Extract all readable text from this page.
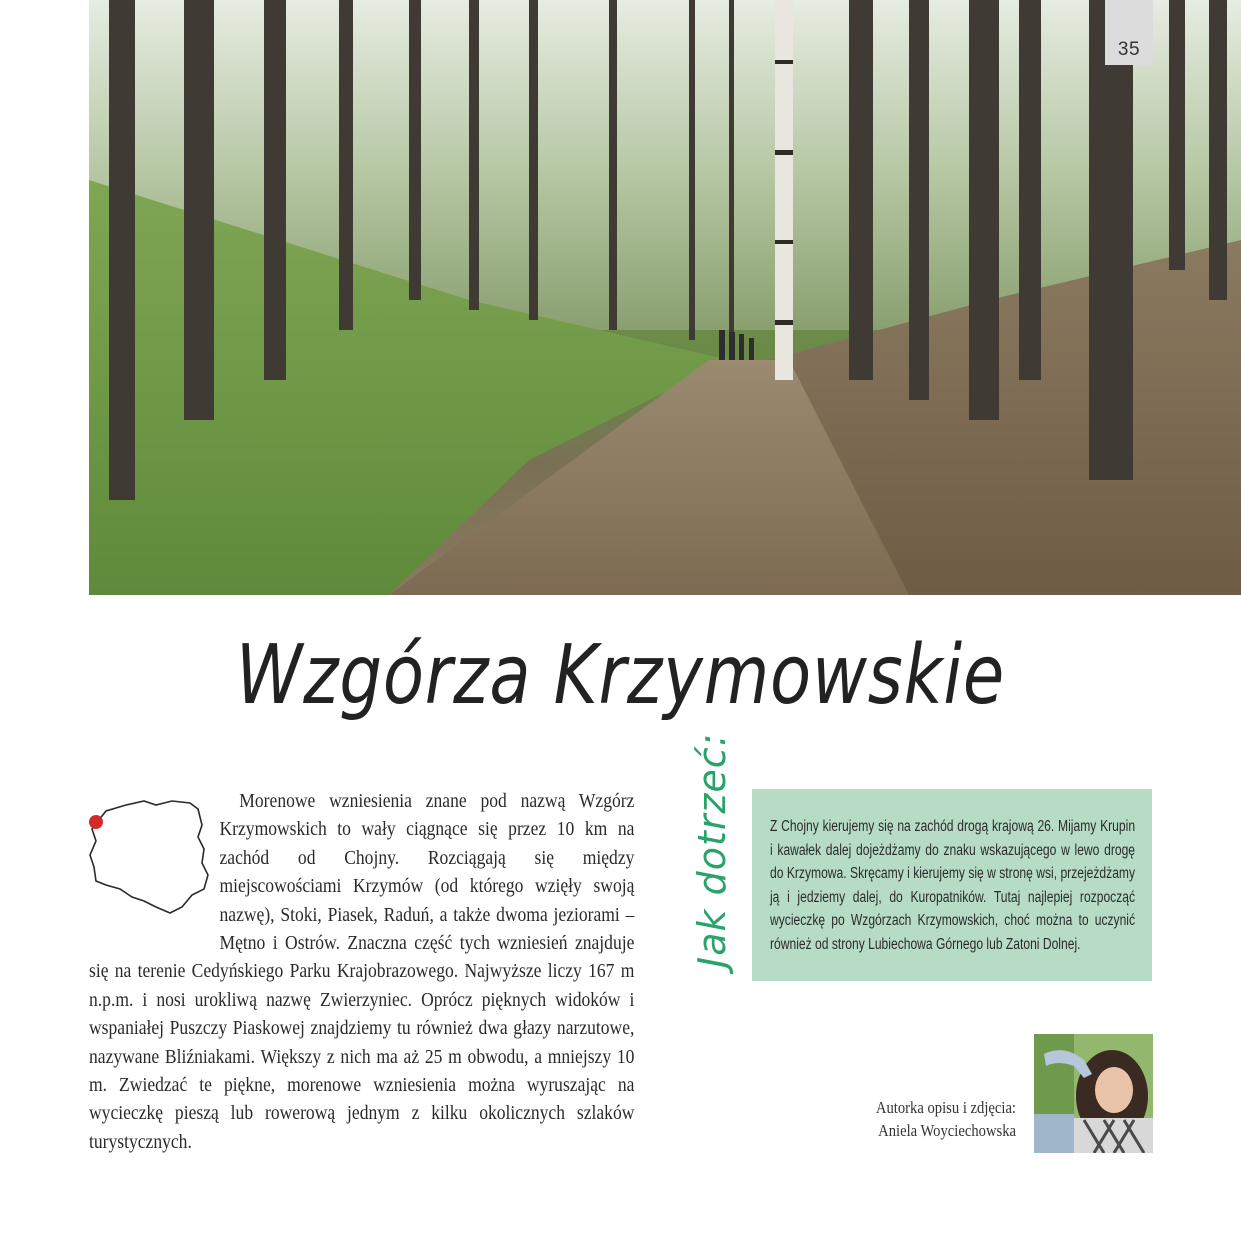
35
Wzgórza Krzymowskie
Morenowe wzniesienia znane pod nazwą Wzgórz Krzymowskich to wały ciągnące się przez 10 km na zachód od Chojny. Rozciągają się między miejscowościami Krzymów (od którego wzięły swoją nazwę), Stoki, Piasek, Raduń, a także dwoma jeziorami – Mętno i Ostrów. Znaczna część tych wzniesień znajduje się na terenie Cedyńskiego Parku Krajobrazowego. Najwyższe liczy 167 m n.p.m. i nosi urokliwą nazwę Zwierzyniec. Oprócz pięknych widoków i wspaniałej Puszczy Piaskowej znajdziemy tu również dwa głazy narzutowe, nazywane Bliźniakami. Większy z nich ma aż 25 m obwodu, a mniejszy 10 m. Zwiedzać te piękne, morenowe wzniesienia można wyruszając na wycieczkę pieszą lub rowerową jednym z kilku okolicznych szlaków turystycznych.
Jak dotrzeć: Z Chojny kierujemy się na zachód drogą krajową 26. Mijamy Krupin i kawałek dalej dojeżdżamy do znaku wskazującego w lewo drogę do Krzymowa. Skręcamy i kierujemy się w stronę wsi, przejeżdżamy ją i jedziemy dalej, do Kuropatników. Tutaj najlepiej rozpocząć wycieczkę po Wzgórzach Krzymowskich, choć można to uczynić również od strony Lubiechowa Górnego lub Zatoni Dolnej.
Autorka opisu i zdjęcia:
Aniela Woyciechowska
